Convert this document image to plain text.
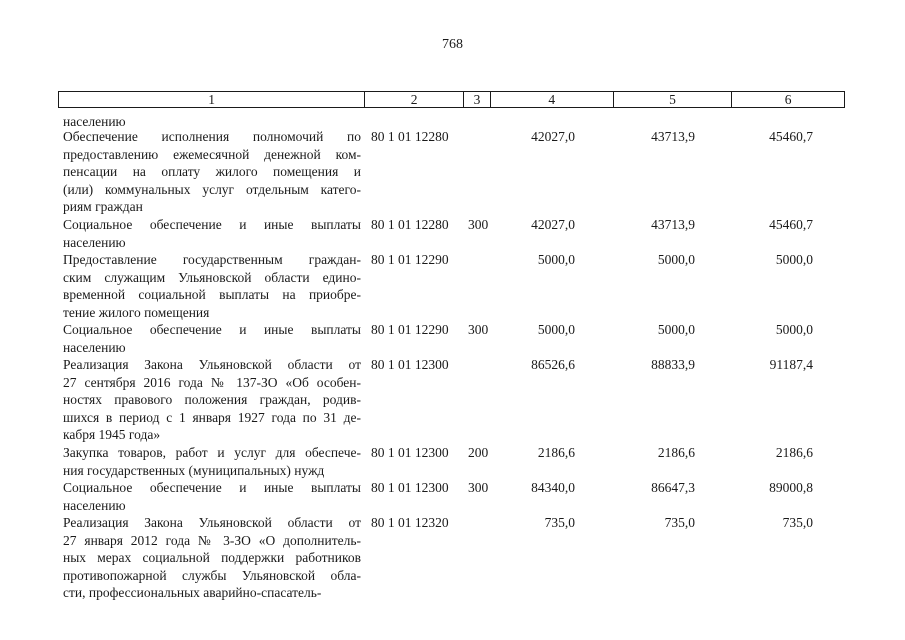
768
1	2	3	4	5	6
населению
Обеспечение исполнения полномочий по
предоставлению ежемесячной денежной ком-
пенсации на оплату жилого помещения и
(или) коммунальных услуг отдельным катего-
риям граждан
80 1 01 12280	42027,0	43713,9	45460,7
Социальное обеспечение и иные выплаты
населению
80 1 01 12280 300	42027,0	43713,9	45460,7
Предоставление государственным граждан-
ским служащим Ульяновской области едино-
временной социальной выплаты на приобре-
тение жилого помещения
80 1 01 12290	5000,0	5000,0	5000,0
Социальное обеспечение и иные выплаты
населению
80 1 01 12290 300	5000,0	5000,0	5000,0
Реализация Закона Ульяновской области от
27 сентября 2016 года № 137-ЗО «Об особен-
ностях правового положения граждан, родив-
шихся в период с 1 января 1927 года по 31 де-
кабря 1945 года»
80 1 01 12300	86526,6	88833,9	91187,4
Закупка товаров, работ и услуг для обеспече-
ния государственных (муниципальных) нужд
80 1 01 12300 200	2186,6	2186,6	2186,6
Социальное обеспечение и иные выплаты
населению
80 1 01 12300 300	84340,0	86647,3	89000,8
Реализация Закона Ульяновской области от
27 января 2012 года № 3-ЗО «О дополнитель-
ных мерах социальной поддержки работников
противопожарной службы Ульяновской обла-
сти, профессиональных аварийно-спасатель-
80 1 01 12320	735,0	735,0	735,0
